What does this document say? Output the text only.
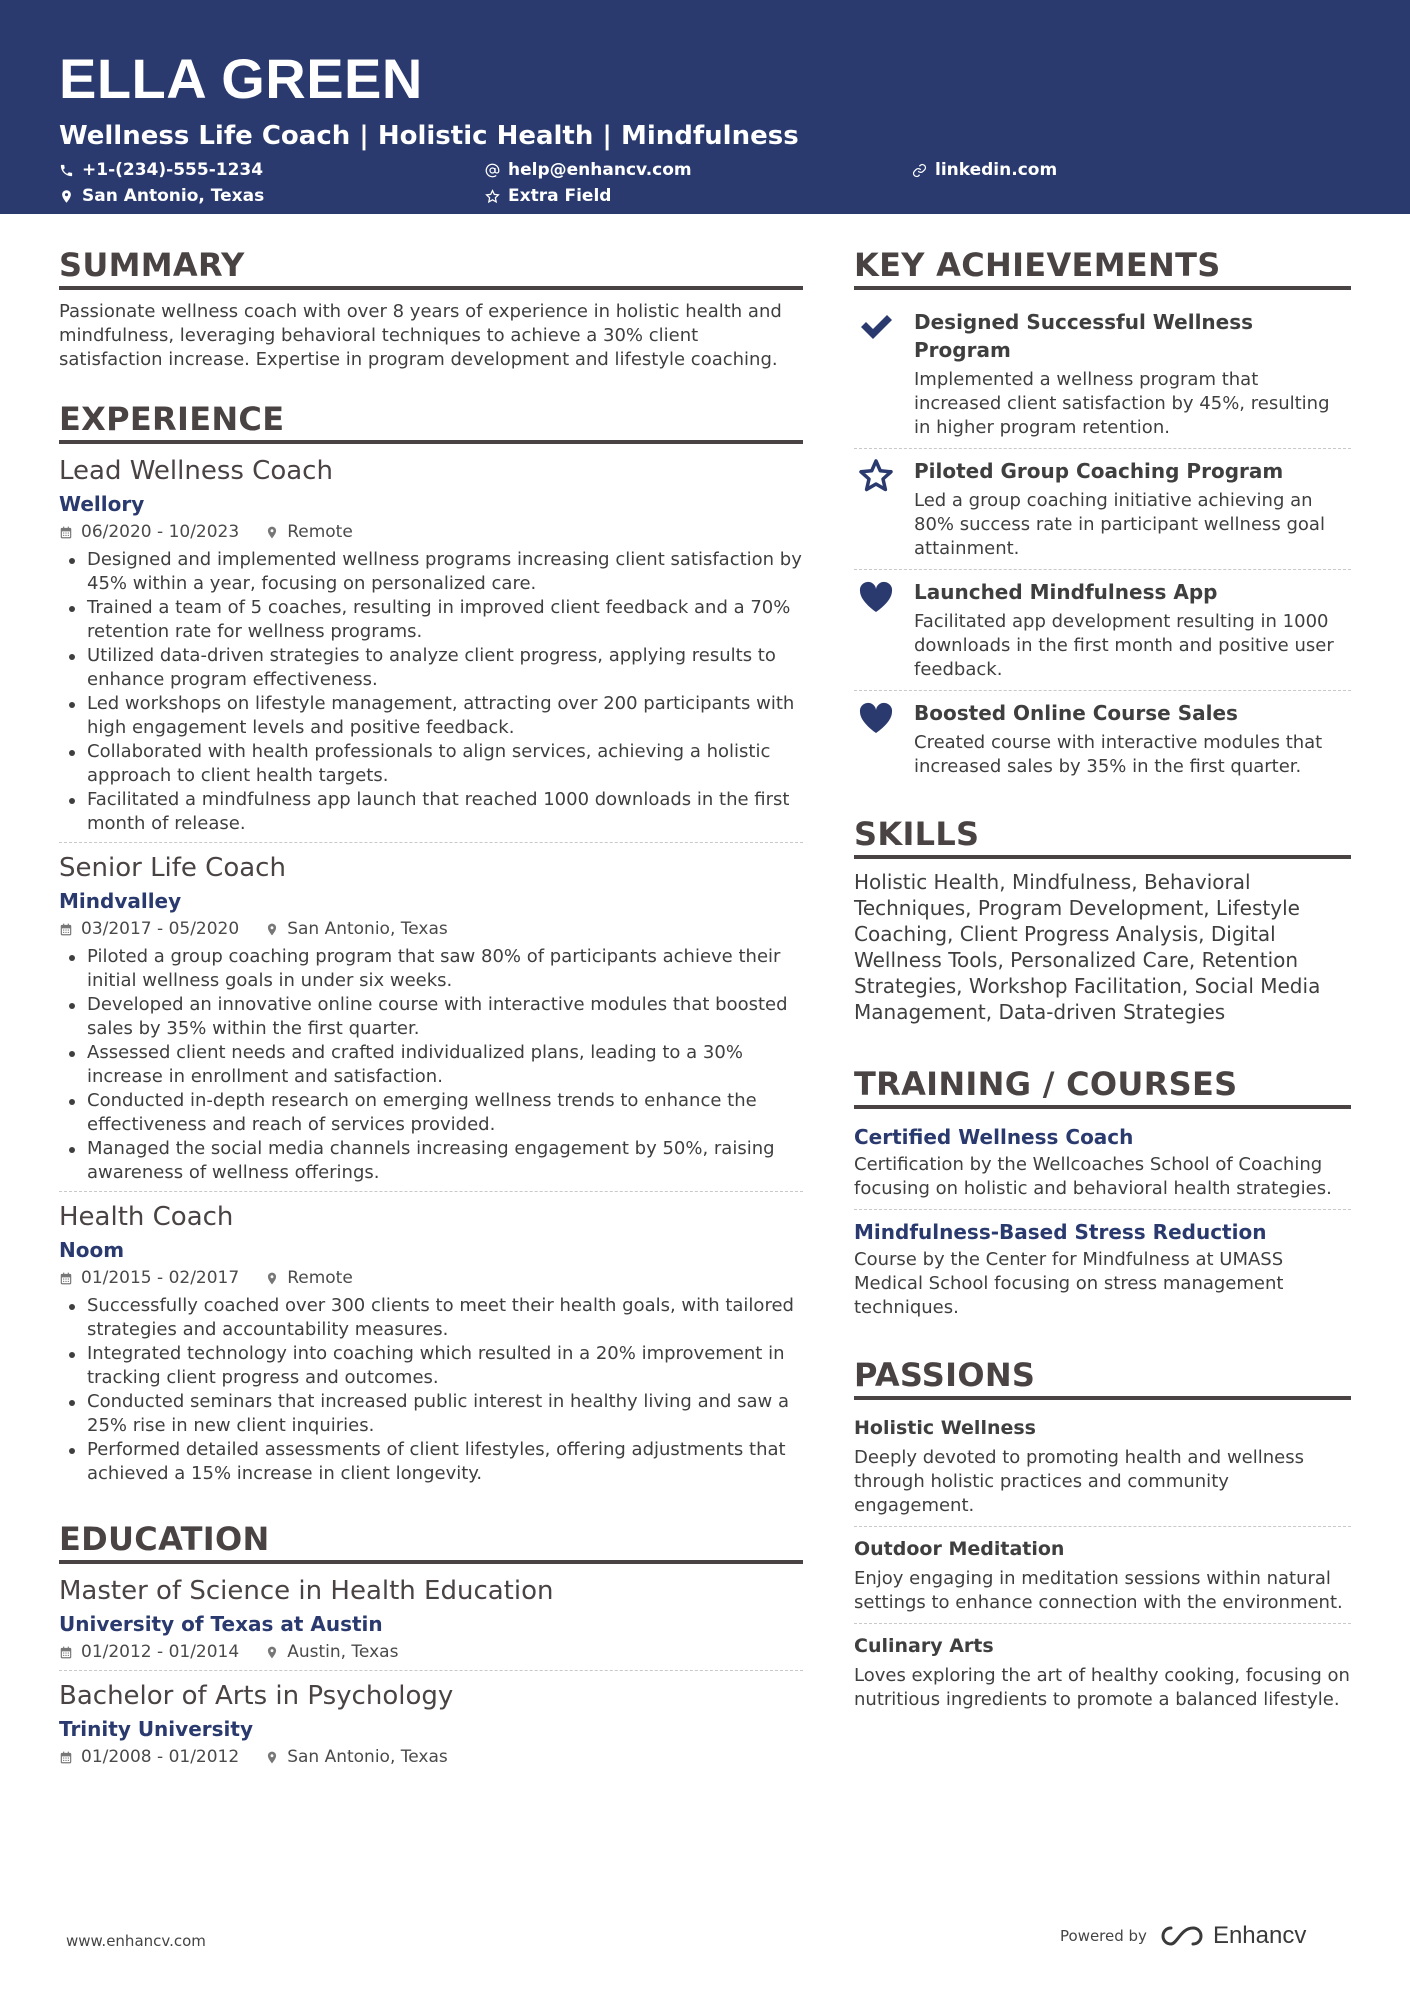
ELLA GREEN
Wellness Life Coach | Holistic Health | Mindfulness
+1-(234)-555-1234	help@enhancv.com	linkedin.com
San Antonio, Texas	Extra Field
SUMMARY

Passionate wellness coach with over 8 years of experience in holistic health and mindfulness, leveraging behavioral techniques to achieve a 30% client satisfaction increase. Expertise in program development and lifestyle coaching.

EXPERIENCE
Lead Wellness Coach
Wellory
06/2020 - 10/2023	Remote
Designed and implemented wellness programs increasing client satisfaction by 45% within a year, focusing on personalized care.
Trained a team of 5 coaches, resulting in improved client feedback and a 70% retention rate for wellness programs.
Utilized data-driven strategies to analyze client progress, applying results to enhance program effectiveness.
Led workshops on lifestyle management, attracting over 200 participants with high engagement levels and positive feedback.
Collaborated with health professionals to align services, achieving a holistic approach to client health targets.
Facilitated a mindfulness app launch that reached 1000 downloads in the first month of release.
Senior Life Coach
Mindvalley
03/2017 - 05/2020	San Antonio, Texas
Piloted a group coaching program that saw 80% of participants achieve their initial wellness goals in under six weeks.
Developed an innovative online course with interactive modules that boosted sales by 35% within the first quarter.
Assessed client needs and crafted individualized plans, leading to a 30% increase in enrollment and satisfaction.
Conducted in-depth research on emerging wellness trends to enhance the effectiveness and reach of services provided.
Managed the social media channels increasing engagement by 50%, raising awareness of wellness offerings.
Health Coach
Noom
01/2015 - 02/2017	Remote
Successfully coached over 300 clients to meet their health goals, with tailored strategies and accountability measures.
Integrated technology into coaching which resulted in a 20% improvement in tracking client progress and outcomes.
Conducted seminars that increased public interest in healthy living and saw a 25% rise in new client inquiries.
Performed detailed assessments of client lifestyles, offering adjustments that achieved a 15% increase in client longevity.
EDUCATION
Master of Science in Health Education
University of Texas at Austin
01/2012 - 01/2014	Austin, Texas
Bachelor of Arts in Psychology
Trinity University
01/2008 - 01/2012	San Antonio, Texas
KEY ACHIEVEMENTS
Designed Successful Wellness Program
Implemented a wellness program that increased client satisfaction by 45%, resulting in higher program retention.
Piloted Group Coaching Program
Led a group coaching initiative achieving an 80% success rate in participant wellness goal attainment.
Launched Mindfulness App
Facilitated app development resulting in 1000 downloads in the first month and positive user feedback.
Boosted Online Course Sales
Created course with interactive modules that increased sales by 35% in the first quarter.
SKILLS

Holistic Health, Mindfulness, Behavioral Techniques, Program Development, Lifestyle Coaching, Client Progress Analysis, Digital Wellness Tools, Personalized Care, Retention Strategies, Workshop Facilitation, Social Media Management, Data-driven Strategies

TRAINING / COURSES
Certified Wellness Coach
Certification by the Wellcoaches School of Coaching focusing on holistic and behavioral health strategies.
Mindfulness-Based Stress Reduction
Course by the Center for Mindfulness at UMASS Medical School focusing on stress management techniques.
PASSIONS
Holistic Wellness
Deeply devoted to promoting health and wellness through holistic practices and community engagement.
Outdoor Meditation
Enjoy engaging in meditation sessions within natural settings to enhance connection with the environment.
Culinary Arts
Loves exploring the art of healthy cooking, focusing on nutritious ingredients to promote a balanced lifestyle.
www.enhancv.com	Powered by	Enhancv
